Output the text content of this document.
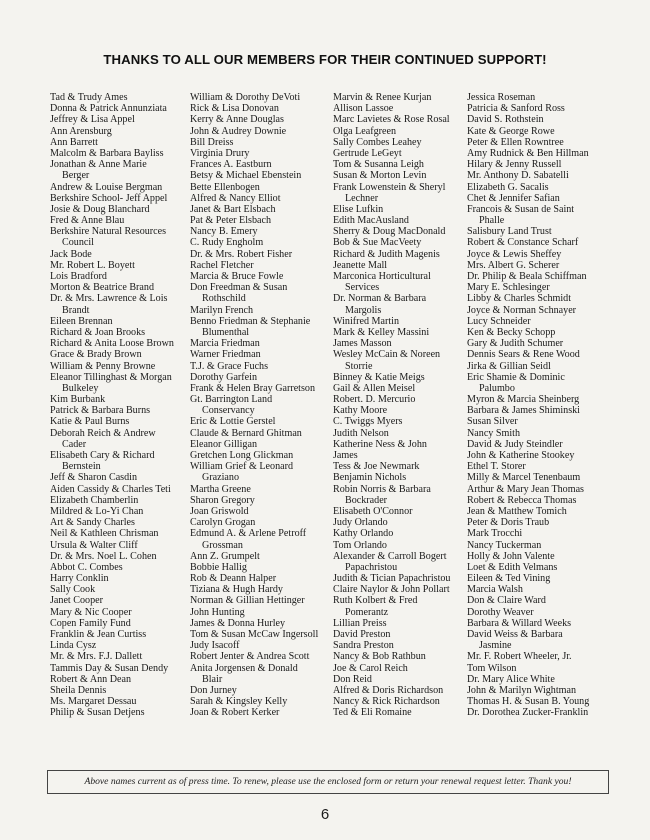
THANKS TO ALL OUR MEMBERS FOR THEIR CONTINUED SUPPORT!
Tad & Trudy Ames
Donna & Patrick Annunziata
Jeffrey & Lisa Appel
Ann Arensburg
Ann Barrett
Malcolm & Barbara Bayliss
Jonathan & Anne Marie
Berger
Andrew & Louise Bergman
Berkshire School- Jeff Appel
Josie & Doug Blanchard
Fred & Anne Blau
Berkshire Natural Resources
Council
Jack Bode
Mr. Robert L. Boyett
Lois Bradford
Morton & Beatrice Brand
Dr. & Mrs. Lawrence & Lois
Brandt
Eileen Brennan
Richard & Joan Brooks
Richard & Anita Loose Brown
Grace & Brady Brown
William & Penny Browne
Eleanor Tillinghast & Morgan
Bulkeley
Kim Burbank
Patrick & Barbara Burns
Katie & Paul Burns
Deborah Reich & Andrew
Cader
Elisabeth Cary & Richard
Bernstein
Jeff & Sharon Casdin
Aiden Cassidy & Charles Teti
Elizabeth Chamberlin
Mildred & Lo-Yi Chan
Art & Sandy Charles
Neil & Kathleen Chrisman
Ursula & Walter Cliff
Dr. & Mrs. Noel L. Cohen
Abbot C. Combes
Harry Conklin
Sally Cook
Janet Cooper
Mary & Nic Cooper
Copen Family Fund
Franklin & Jean Curtiss
Linda Cysz
Mr. & Mrs. F.J. Dallett
Tammis Day & Susan Dendy
Robert & Ann Dean
Sheila Dennis
Ms. Margaret Dessau
Philip & Susan Detjens
William & Dorothy DeVoti
Rick & Lisa Donovan
Kerry & Anne Douglas
John & Audrey Downie
Bill Dreiss
Virginia Drury
Frances A. Eastburn
Betsy & Michael Ebenstein
Bette Ellenbogen
Alfred & Nancy Elliot
Janet & Bart Elsbach
Pat & Peter Elsbach
Nancy B. Emery
C. Rudy Engholm
Dr. & Mrs. Robert Fisher
Rachel Fletcher
Marcia & Bruce Fowle
Don Freedman & Susan
Rothschild
Marilyn French
Benno Friedman & Stephanie
Blumenthal
Marcia Friedman
Warner Friedman
T.J. & Grace Fuchs
Dorothy Garfein
Frank & Helen Bray Garretson
Gt. Barrington Land
Conservancy
Eric & Lottie Gerstel
Claude & Bernard Ghitman
Eleanor Gilligan
Gretchen Long Glickman
William Grief & Leonard
Graziano
Martha Greene
Sharon Gregory
Joan Griswold
Carolyn Grogan
Edmund A. & Arlene Petroff
Grossman
Ann Z. Grumpelt
Bobbie Hallig
Rob & Deann Halper
Tiziana & Hugh Hardy
Norman & Gillian Hettinger
John Hunting
James & Donna Hurley
Tom & Susan McCaw Ingersoll
Judy Isacoff
Robert Jenter & Andrea Scott
Anita Jorgensen & Donald
Blair
Don Jurney
Sarah & Kingsley Kelly
Joan & Robert Kerker
Marvin & Renee Kurjan
Allison Lassoe
Marc Lavietes & Rose Rosal
Olga Leafgreen
Sally Combes Leahey
Gertrude LeGeyt
Tom & Susanna Leigh
Susan & Morton Levin
Frank Lowenstein & Sheryl
Lechner
Elise Lufkin
Edith MacAusland
Sherry & Doug MacDonald
Bob & Sue MacVeety
Richard & Judith Magenis
Jeanette Mall
Marconica Horticultural
Services
Dr. Norman & Barbara
Margolis
Winifred Martin
Mark & Kelley Massini
James Masson
Wesley McCain & Noreen
Storrie
Binney & Katie Meigs
Gail & Allen Meisel
Robert. D. Mercurio
Kathy Moore
C. Twiggs Myers
Judith Nelson
Katherine Ness & John
James
Tess & Joe Newmark
Benjamin Nichols
Robin Norris & Barbara
Bockrader
Elisabeth O'Connor
Judy Orlando
Kathy Orlando
Tom Orlando
Alexander & Carroll Bogert
Papachristou
Judith & Tician Papachristou
Claire Naylor & John Pollart
Ruth Kolbert & Fred
Pomerantz
Lillian Preiss
David Preston
Sandra Preston
Nancy & Bob Rathbun
Joe & Carol Reich
Don Reid
Alfred & Doris Richardson
Nancy & Rick Richardson
Ted & Eli Romaine
Jessica Roseman
Patricia & Sanford Ross
David S. Rothstein
Kate & George Rowe
Peter & Ellen Rowntree
Amy Rudnick & Ben Hillman
Hilary & Jenny Russell
Mr. Anthony D. Sabatelli
Elizabeth G. Sacalis
Chet & Jennifer Safian
Francois & Susan de Saint
Phalle
Salisbury Land Trust
Robert & Constance Scharf
Joyce & Lewis Sheffey
Mrs. Albert G. Scherer
Dr. Philip & Beala Schiffman
Mary E. Schlesinger
Libby & Charles Schmidt
Joyce & Norman Schnayer
Lucy Schneider
Ken & Becky Schopp
Gary & Judith Schumer
Dennis Sears & Rene Wood
Jirka & Gillian Seidl
Eric Shamie & Dominic
Palumbo
Myron & Marcia Sheinberg
Barbara & James Shiminski
Susan Silver
Nancy Smith
David & Judy Steindler
John & Katherine Stookey
Ethel T. Storer
Milly & Marcel Tenenbaum
Arthur & Mary Jean Thomas
Robert & Rebecca Thomas
Jean & Matthew Tomich
Peter & Doris Traub
Mark Trocchi
Nancy Tuckerman
Holly & John Valente
Loet & Edith Velmans
Eileen & Ted Vining
Marcia Walsh
Don & Claire Ward
Dorothy Weaver
Barbara & Willard Weeks
David Weiss & Barbara
Jasmine
Mr. F. Robert Wheeler, Jr.
Tom Wilson
Dr. Mary Alice White
John & Marilyn Wightman
Thomas H. & Susan B. Young
Dr. Dorothea Zucker-Franklin
Above names current as of press time. To renew, please use the enclosed form or return your renewal request letter. Thank you!
6
